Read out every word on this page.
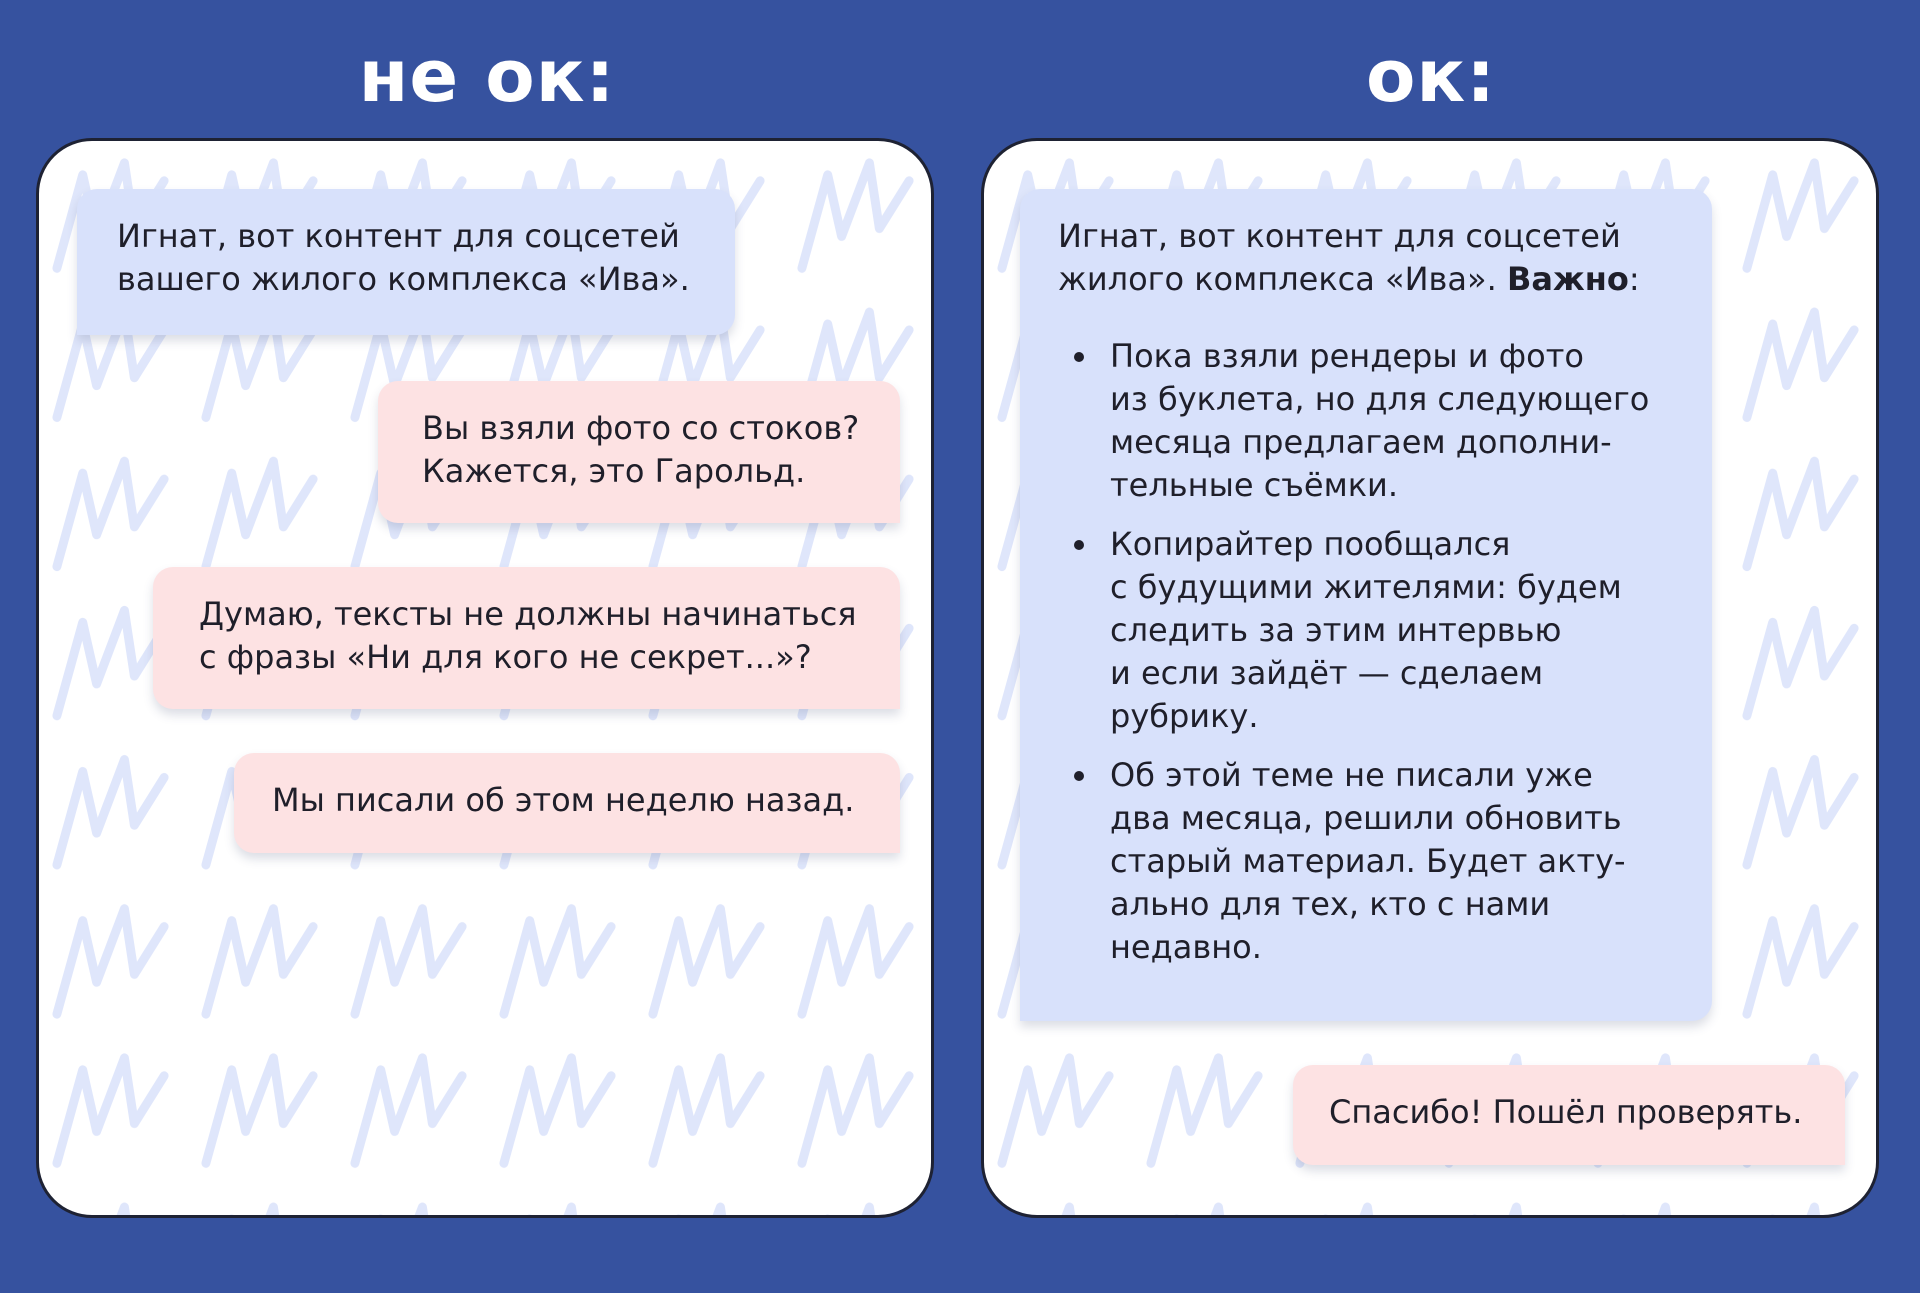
не ок:	ок:
Игнат, вот контент для соцсетей
вашего жилого комплекса «Ива».
Вы взяли фото со стоков?
Кажется, это Гарольд.
Думаю, тексты не должны начинаться
с фразы «Ни для кого не секрет...»?
Мы писали об этом неделю назад.
Игнат, вот контент для соцсетей
жилого комплекса «Ива». Важно:
Пока взяли рендеры и фото
из буклета, но для следующего
месяца предлагаем дополни-
тельные съёмки.
Копирайтер пообщался
с будущими жителями: будем
следить за этим интервью
и если зайдёт — сделаем
рубрику.
Об этой теме не писали уже
два месяца, решили обновить
старый материал. Будет акту-
ально для тех, кто с нами
недавно.
Спасибо! Пошёл проверять.
